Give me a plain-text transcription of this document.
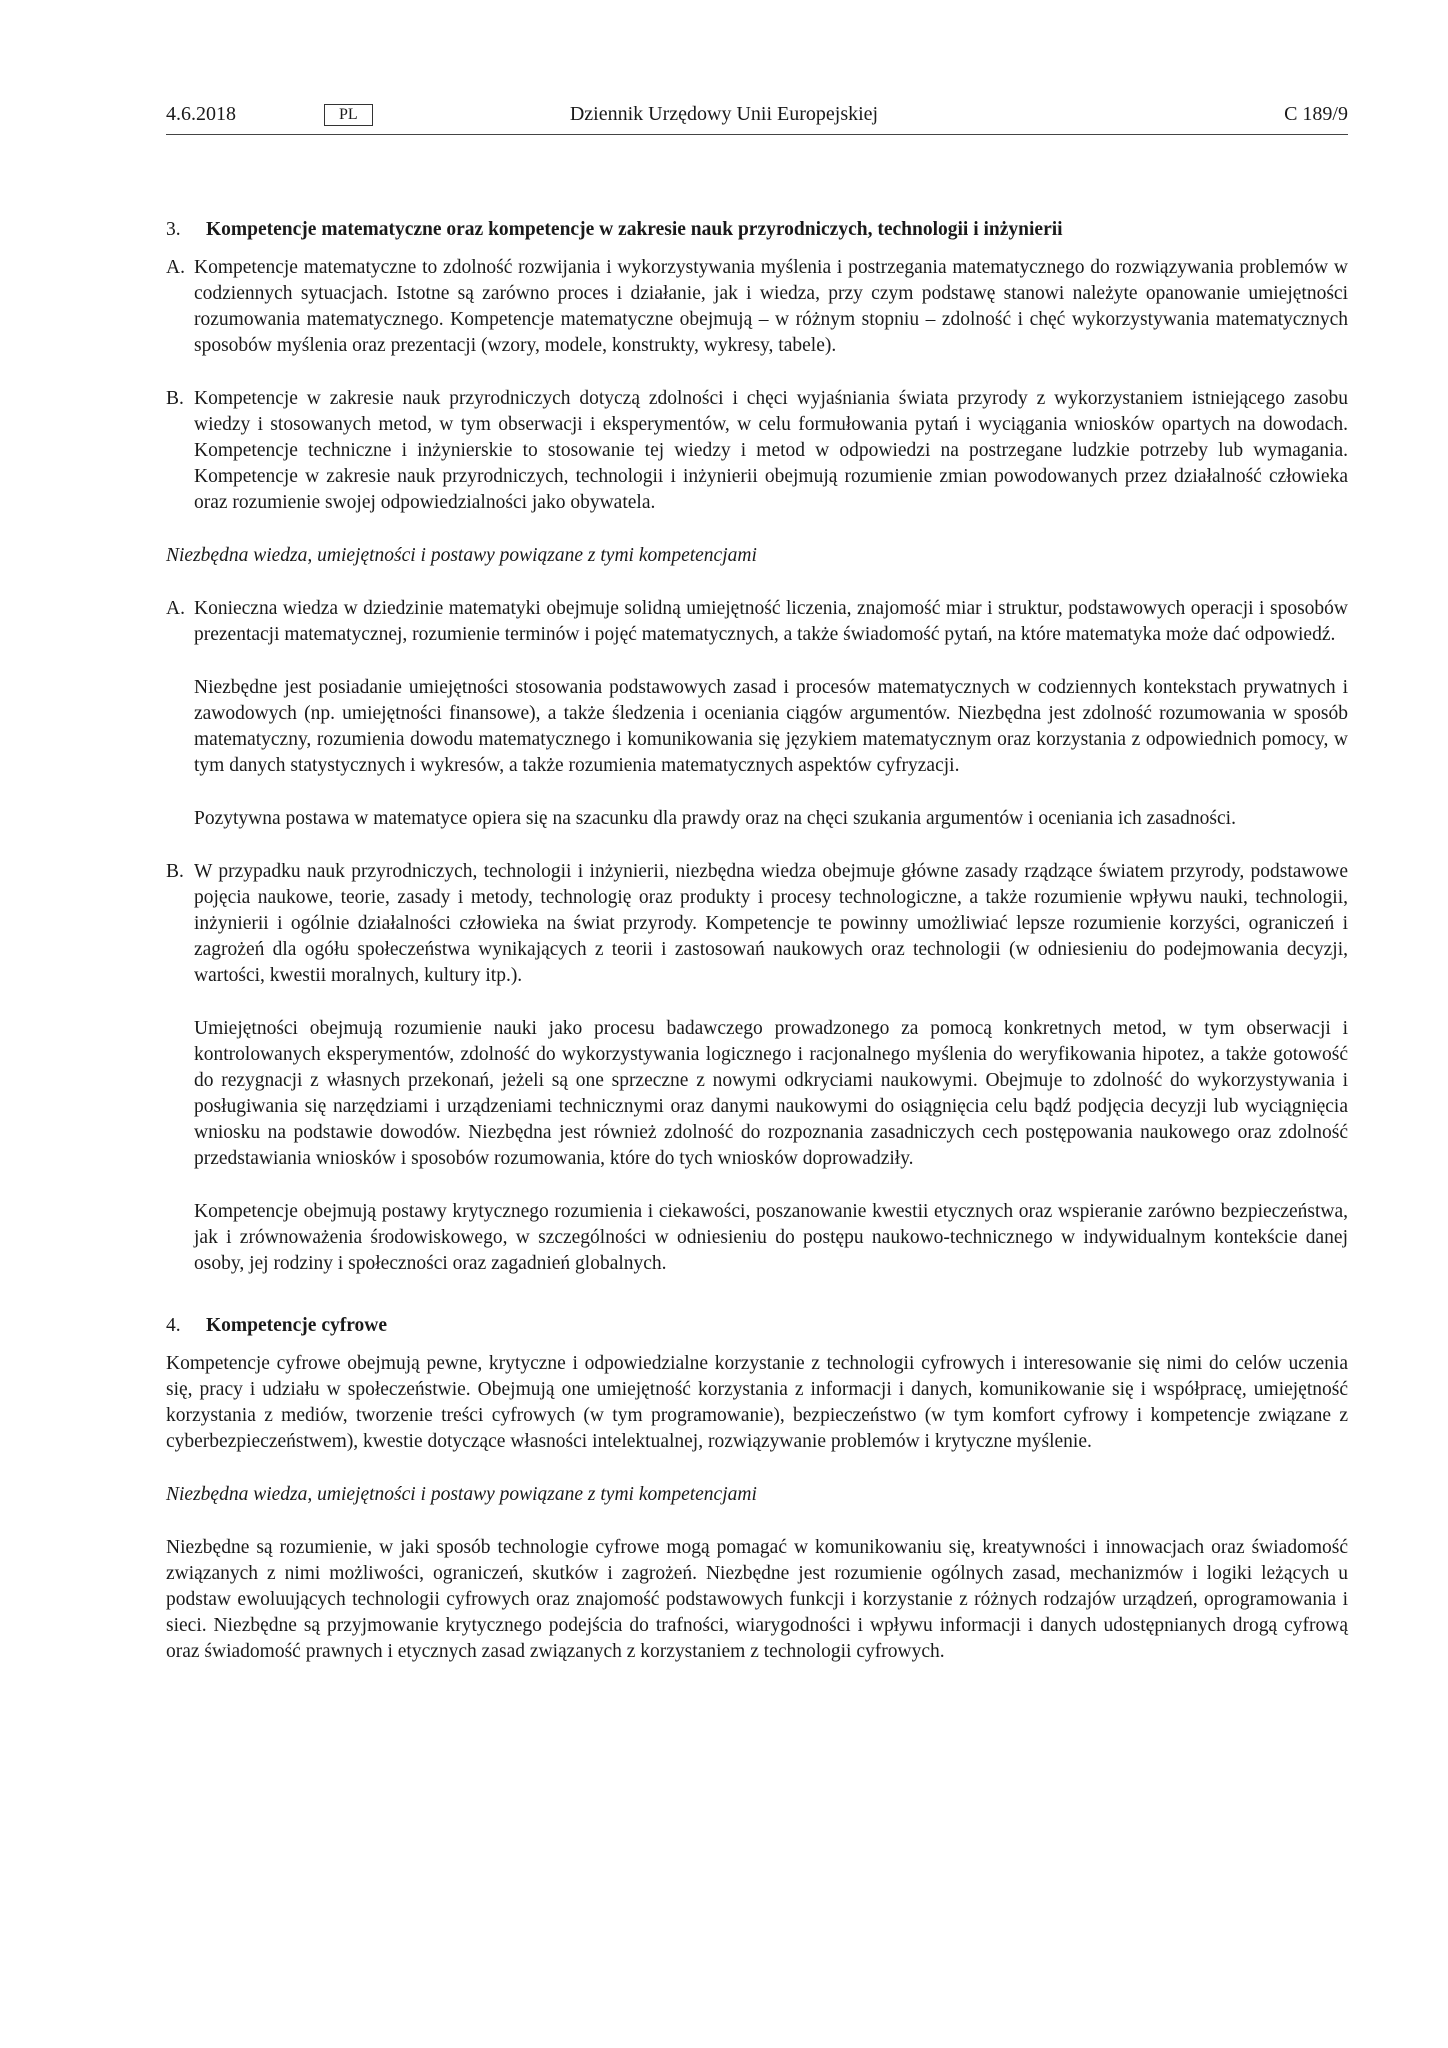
4.6.2018	PL	Dziennik Urzędowy Unii Europejskiej	C 189/9
3.	Kompetencje matematyczne oraz kompetencje w zakresie nauk przyrodniczych, technologii i inżynierii
A. Kompetencje matematyczne to zdolność rozwijania i wykorzystywania myślenia i postrzegania matematycznego do rozwiązywania problemów w codziennych sytuacjach. Istotne są zarówno proces i działanie, jak i wiedza, przy czym podstawę stanowi należyte opanowanie umiejętności rozumowania matematycznego. Kompetencje matematyczne obejmują – w różnym stopniu – zdolność i chęć wykorzystywania matematycznych sposobów myślenia oraz prezentacji (wzory, modele, konstrukty, wykresy, tabele).

B. Kompetencje w zakresie nauk przyrodniczych dotyczą zdolności i chęci wyjaśniania świata przyrody z wykorzystaniem istniejącego zasobu wiedzy i stosowanych metod, w tym obserwacji i eksperymentów, w celu formułowania pytań i wyciągania wniosków opartych na dowodach. Kompetencje techniczne i inżynierskie to stosowanie tej wiedzy i metod w odpowiedzi na postrzegane ludzkie potrzeby lub wymagania. Kompetencje w zakresie nauk przyrodniczych, technologii i inżynierii obejmują rozumienie zmian powodowanych przez działalność człowieka oraz rozumienie swojej odpowiedzialności jako obywatela.

Niezbędna wiedza, umiejętności i postawy powiązane z tymi kompetencjami
A. Konieczna wiedza w dziedzinie matematyki obejmuje solidną umiejętność liczenia, znajomość miar i struktur, podstawowych operacji i sposobów prezentacji matematycznej, rozumienie terminów i pojęć matematycznych, a także świadomość pytań, na które matematyka może dać odpowiedź.

Niezbędne jest posiadanie umiejętności stosowania podstawowych zasad i procesów matematycznych w codziennych kontekstach prywatnych i zawodowych (np. umiejętności finansowe), a także śledzenia i oceniania ciągów argumentów. Niezbędna jest zdolność rozumowania w sposób matematyczny, rozumienia dowodu matematycznego i komunikowania się językiem matematycznym oraz korzystania z odpowiednich pomocy, w tym danych statystycznych i wykresów, a także rozumienia matematycznych aspektów cyfryzacji.

Pozytywna postawa w matematyce opiera się na szacunku dla prawdy oraz na chęci szukania argumentów i oceniania ich zasadności.

B. W przypadku nauk przyrodniczych, technologii i inżynierii, niezbędna wiedza obejmuje główne zasady rządzące światem przyrody, podstawowe pojęcia naukowe, teorie, zasady i metody, technologię oraz produkty i procesy technologiczne, a także rozumienie wpływu nauki, technologii, inżynierii i ogólnie działalności człowieka na świat przyrody. Kompetencje te powinny umożliwiać lepsze rozumienie korzyści, ograniczeń i zagrożeń dla ogółu społeczeństwa wynikających z teorii i zastosowań naukowych oraz technologii (w odniesieniu do podejmowania decyzji, wartości, kwestii moralnych, kultury itp.).

Umiejętności obejmują rozumienie nauki jako procesu badawczego prowadzonego za pomocą konkretnych metod, w tym obserwacji i kontrolowanych eksperymentów, zdolność do wykorzystywania logicznego i racjonalnego myślenia do weryfikowania hipotez, a także gotowość do rezygnacji z własnych przekonań, jeżeli są one sprzeczne z nowymi odkryciami naukowymi. Obejmuje to zdolność do wykorzystywania i posługiwania się narzędziami i urządzeniami technicznymi oraz danymi naukowymi do osiągnięcia celu bądź podjęcia decyzji lub wyciągnięcia wniosku na podstawie dowodów. Niezbędna jest również zdolność do rozpoznania zasadniczych cech postępowania naukowego oraz zdolność przedstawiania wniosków i sposobów rozumowania, które do tych wniosków doprowadziły.

Kompetencje obejmują postawy krytycznego rozumienia i ciekawości, poszanowanie kwestii etycznych oraz wspieranie zarówno bezpieczeństwa, jak i zrównoważenia środowiskowego, w szczególności w odniesieniu do postępu naukowo-technicznego w indywidualnym kontekście danej osoby, jej rodziny i społeczności oraz zagadnień globalnych.

4.	Kompetencje cyfrowe

Kompetencje cyfrowe obejmują pewne, krytyczne i odpowiedzialne korzystanie z technologii cyfrowych i interesowanie się nimi do celów uczenia się, pracy i udziału w społeczeństwie. Obejmują one umiejętność korzystania z informacji i danych, komunikowanie się i współpracę, umiejętność korzystania z mediów, tworzenie treści cyfrowych (w tym programowanie), bezpieczeństwo (w tym komfort cyfrowy i kompetencje związane z cyberbezpieczeństwem), kwestie dotyczące własności intelektualnej, rozwiązywanie problemów i krytyczne myślenie.

Niezbędna wiedza, umiejętności i postawy powiązane z tymi kompetencjami

Niezbędne są rozumienie, w jaki sposób technologie cyfrowe mogą pomagać w komunikowaniu się, kreatywności i innowacjach oraz świadomość związanych z nimi możliwości, ograniczeń, skutków i zagrożeń. Niezbędne jest rozumienie ogólnych zasad, mechanizmów i logiki leżących u podstaw ewoluujących technologii cyfrowych oraz znajomość podstawowych funkcji i korzystanie z różnych rodzajów urządzeń, oprogramowania i sieci. Niezbędne są przyjmowanie krytycznego podejścia do trafności, wiarygodności i wpływu informacji i danych udostępnianych drogą cyfrową oraz świadomość prawnych i etycznych zasad związanych z korzystaniem z technologii cyfrowych.
